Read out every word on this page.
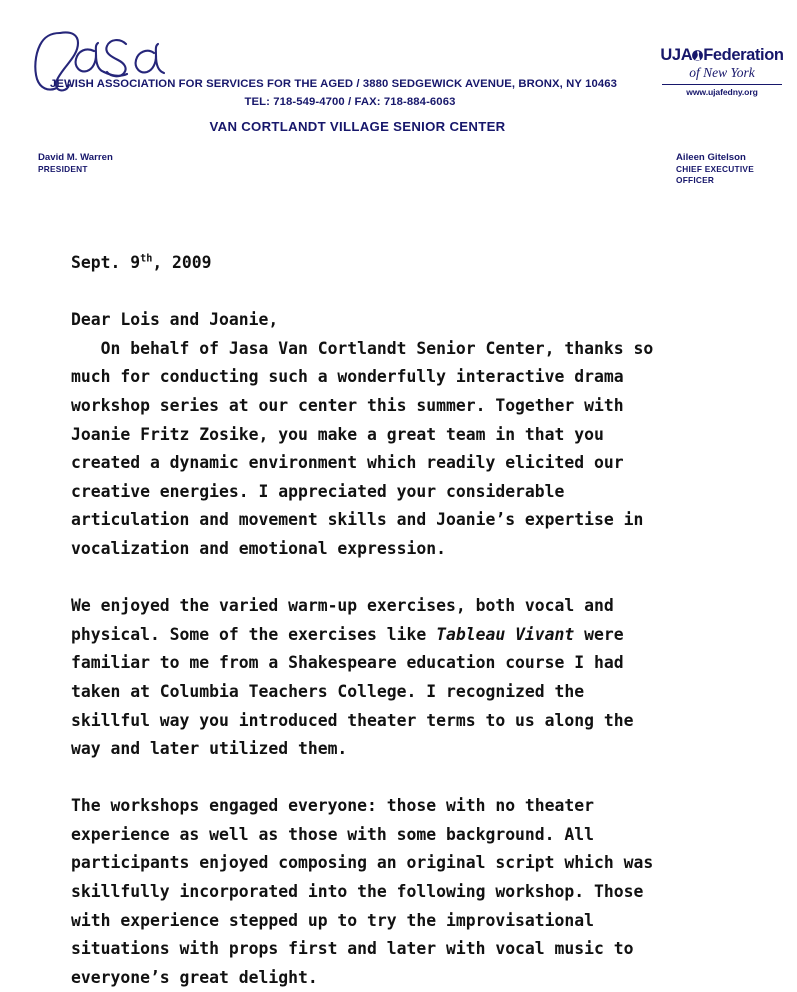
JEWISH ASSOCIATION FOR SERVICES FOR THE AGED / 3880 SEDGEWICK AVENUE, BRONX, NY 10463
TEL: 718-549-4700 / FAX: 718-884-6063
VAN CORTLANDT VILLAGE SENIOR CENTER
UJA Federation
of New York
www.ujafedny.org
David M. Warren
PRESIDENT
Aileen Gitelson
CHIEF EXECUTIVE
OFFICER
Sept. 9th, 2009
Dear Lois and Joanie,
On behalf of Jasa Van Cortlandt Senior Center, thanks so
much for conducting such a wonderfully interactive drama
workshop series at our center this summer. Together with
Joanie Fritz Zosike, you make a great team in that you
created a dynamic environment which readily elicited our
creative energies. I appreciated your considerable
articulation and movement skills and Joanie’s expertise in
vocalization and emotional expression.
We enjoyed the varied warm-up exercises, both vocal and
physical. Some of the exercises like Tableau Vivant were
familiar to me from a Shakespeare education course I had
taken at Columbia Teachers College. I recognized the
skillful way you introduced theater terms to us along the
way and later utilized them.
The workshops engaged everyone: those with no theater
experience as well as those with some background. All
participants enjoyed composing an original script which was
skillfully incorporated into the following workshop. Those
with experience stepped up to try the improvisational
situations with props first and later with vocal music to
everyone’s great delight.
